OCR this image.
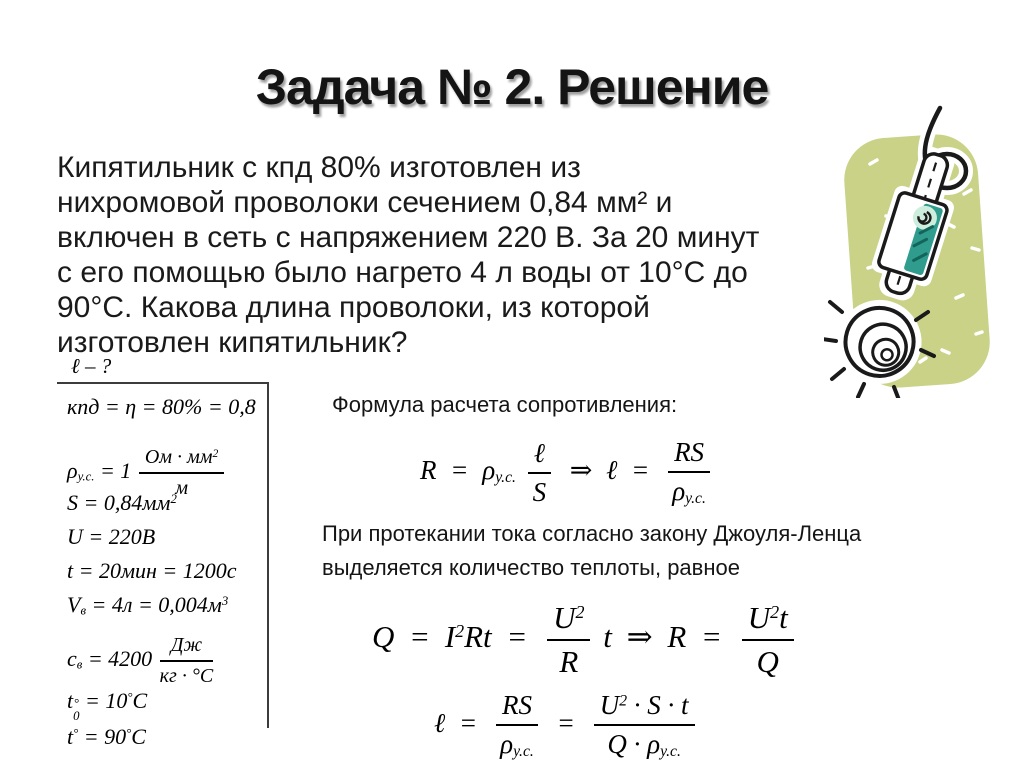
Задача № 2. Решение
Кипятильник с кпд 80% изготовлен из
нихромовой проволоки сечением 0,84 мм² и
включен в сеть с напряжением 220 В. За 20 минут
с его помощью было нагрето 4 л воды от 10°С до
90°С. Какова длина проволоки, из которой
изготовлен кипятильник?
ℓ – ?
кпд = η = 80% = 0,8
ρу.с. = $1 \frac{Ом \cdot мм^2}{м}$
$S = 0,84мм^2$
U = 220В
t = 20мин = 1200с
Vв = $4л = 0,004м^3$
cв = $4200 \frac{Дж}{кг \cdot ^\circ С}$
t °
0
= 10°С
t° = 90°С
Формула расчета сопротивления:
R = ρу.с. $\frac{\text{ℓ}}{S}$ ⇒ ℓ = $\frac{RS}{\rho у.с.}$
При протекании тока согласно закону Джоуля-Ленца
выделяется количество теплоты, равное
$Q = I^2Rt = \frac{U^2}{R}$ t ⇒ $R = \frac{U^2t}{Q}$
ℓ = $\frac{RS}{\rho у.с.} = \frac{U^2 \cdot S \cdot t}{Q \cdot \rho у.с.}$
